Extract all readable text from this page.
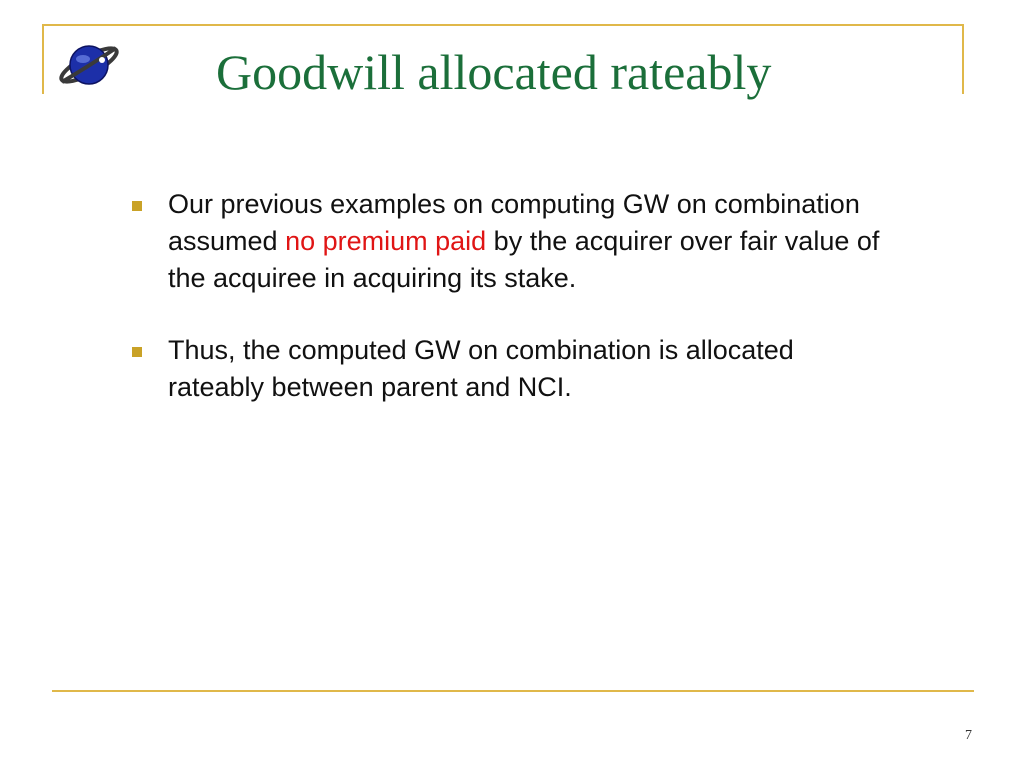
Goodwill allocated rateably
Our previous examples on computing GW on combination assumed no premium paid by the acquirer over fair value of the acquiree in acquiring its stake.
Thus, the computed GW on combination is allocated rateably between parent and NCI.
7
